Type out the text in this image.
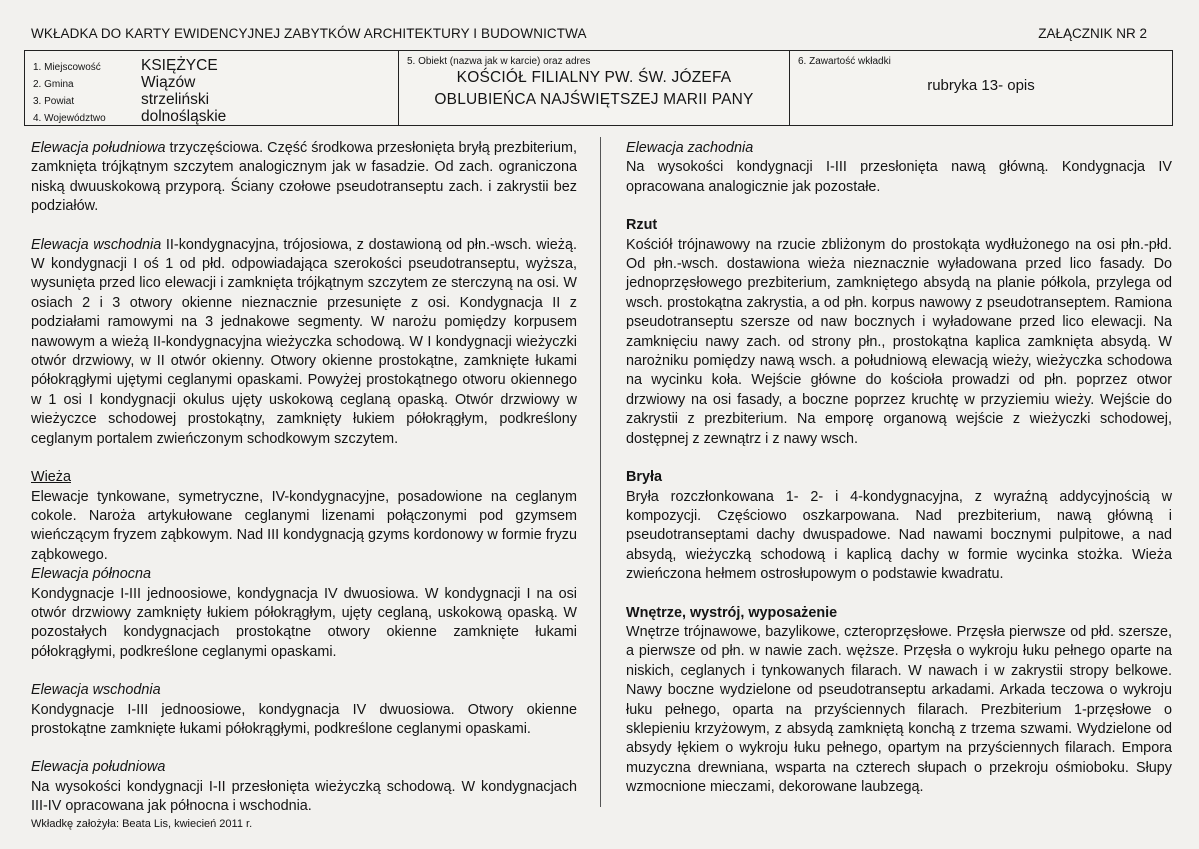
WKŁADKA DO KARTY EWIDENCYJNEJ ZABYTKÓW ARCHITEKTURY I BUDOWNICTWA	ZAŁĄCZNIK NR 2
1. Miejscowość	KSIĘŻYCE
2. Gmina	Wiązów
3. Powiat	strzeliński
4. Województwo	dolnośląskie
5. Obiekt (nazwa jak w karcie) oraz adres
KOŚCIÓŁ FILIALNY PW. ŚW. JÓZEFA
OBLUBIEŃCA NAJŚWIĘTSZEJ MARII PANY
6. Zawartość wkładki
rubryka 13- opis

Elewacja południowa trzyczęściowa. Część środkowa przesłonięta bryłą prezbiterium, zamknięta trójkątnym szczytem analogicznym jak w fasadzie. Od zach. ograniczona niską dwuuskokową przyporą. Ściany czołowe pseudotranseptu zach. i zakrystii bez podziałów.

Elewacja wschodnia II-kondygnacyjna, trójosiowa, z dostawioną od płn.-wsch. wieżą. W kondygnacji I oś 1 od płd. odpowiadająca szerokości pseudotranseptu, wyższa, wysunięta przed lico elewacji i zamknięta trójkątnym szczytem ze sterczyną na osi. W osiach 2 i 3 otwory okienne nieznacznie przesunięte z osi. Kondygnacja II z podziałami ramowymi na 3 jednakowe segmenty. W narożu pomiędzy korpusem nawowym a wieżą II-kondygnacyjna wieżyczka schodową. W I kondygnacji wieżyczki otwór drzwiowy, w II otwór okienny. Otwory okienne prostokątne, zamknięte łukami półokrągłymi ujętymi ceglanymi opaskami. Powyżej prostokątnego otworu okiennego w 1 osi I kondygnacji okulus ujęty uskokową ceglaną opaską. Otwór drzwiowy w wieżyczce schodowej prostokątny, zamknięty łukiem półokrągłym, podkreślony ceglanym portalem zwieńczonym schodkowym szczytem.

Wieża

Elewacje tynkowane, symetryczne, IV-kondygnacyjne, posadowione na ceglanym cokole. Naroża artykułowane ceglanymi lizenami połączonymi pod gzymsem wieńczącym fryzem ząbkowym. Nad III kondygnacją gzyms kordonowy w formie fryzu ząbkowego.

Elewacja północna

Kondygnacje I-III jednoosiowe, kondygnacja IV dwuosiowa. W kondygnacji I na osi otwór drzwiowy zamknięty łukiem półokrągłym, ujęty ceglaną, uskokową opaską. W pozostałych kondygnacjach prostokątne otwory okienne zamknięte łukami półokrągłymi, podkreślone ceglanymi opaskami.

Elewacja wschodnia

Kondygnacje I-III jednoosiowe, kondygnacja IV dwuosiowa. Otwory okienne prostokątne zamknięte łukami półokrągłymi, podkreślone ceglanymi opaskami.

Elewacja południowa

Na wysokości kondygnacji I-II przesłonięta wieżyczką schodową. W kondygnacjach III-IV opracowana jak północna i wschodnia.

Elewacja zachodnia

Na wysokości kondygnacji I-III przesłonięta nawą główną. Kondygnacja IV opracowana analogicznie jak pozostałe.

Rzut

Kościół trójnawowy na rzucie zbliżonym do prostokąta wydłużonego na osi płn.-płd. Od płn.-wsch. dostawiona wieża nieznacznie wyładowana przed lico fasady. Do jednoprzęsłowego prezbiterium, zamkniętego absydą na planie półkola, przylega od wsch. prostokątna zakrystia, a od płn. korpus nawowy z pseudotranseptem. Ramiona pseudotranseptu szersze od naw bocznych i wyładowane przed lico elewacji. Na zamknięciu nawy zach. od strony płn., prostokątna kaplica zamknięta absydą. W narożniku pomiędzy nawą wsch. a południową elewacją wieży, wieżyczka schodowa na wycinku koła. Wejście główne do kościoła prowadzi od płn. poprzez otwor drzwiowy na osi fasady, a boczne poprzez kruchtę w przyziemiu wieży. Wejście do zakrystii z prezbiterium. Na emporę organową wejście z wieżyczki schodowej, dostępnej z zewnątrz i z nawy wsch.

Bryła

Bryła rozczłonkowana 1- 2- i 4-kondygnacyjna, z wyraźną addycyjnością w kompozycji. Częściowo oszkarpowana. Nad prezbiterium, nawą główną i pseudotranseptami dachy dwuspadowe. Nad nawami bocznymi pulpitowe, a nad absydą, wieżyczką schodową i kaplicą dachy w formie wycinka stożka. Wieża zwieńczona hełmem ostrosłupowym o podstawie kwadratu.

Wnętrze, wystrój, wyposażenie

Wnętrze trójnawowe, bazylikowe, czteroprzęsłowe. Przęsła pierwsze od płd. szersze, a pierwsze od płn. w nawie zach. węższe. Przęsła o wykroju łuku pełnego oparte na niskich, ceglanych i tynkowanych filarach. W nawach i w zakrystii stropy belkowe. Nawy boczne wydzielone od pseudotranseptu arkadami. Arkada teczowa o wykroju łuku pełnego, oparta na przyściennych filarach. Prezbiterium 1-przęsłowe o sklepieniu krzyżowym, z absydą zamkniętą konchą z trzema szwami. Wydzielone od absydy łękiem o wykroju łuku pełnego, opartym na przyściennych filarach. Empora muzyczna drewniana, wsparta na czterech słupach o przekroju ośmioboku. Słupy wzmocnione mieczami, dekorowane laubzegą.

Wkładkę założyła: Beata Lis, kwiecień 2011 r.
